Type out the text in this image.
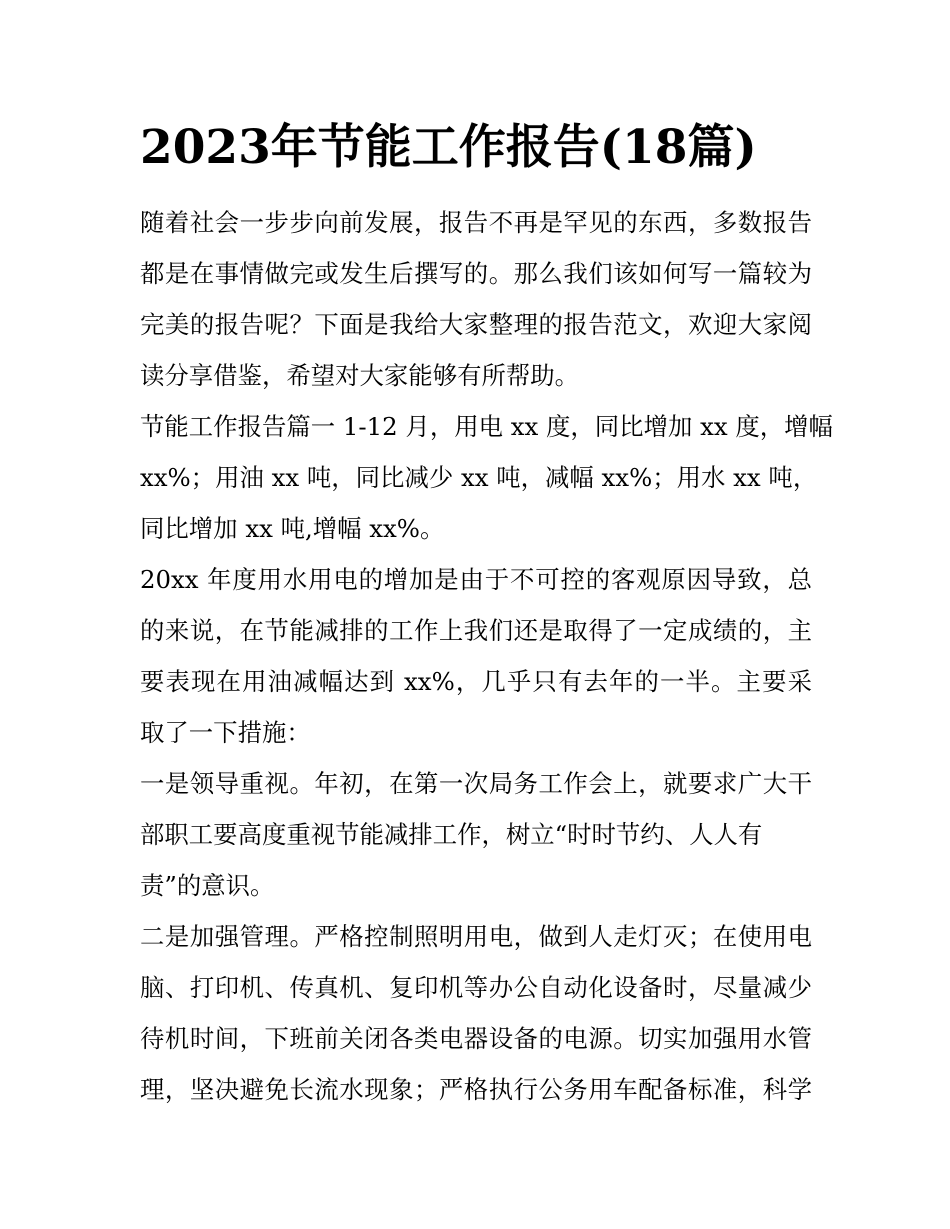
2023年节能工作报告(18篇)

随着社会一步步向前发展，报告不再是罕见的东西，多数报告
都是在事情做完或发生后撰写的。那么我们该如何写一篇较为
完美的报告呢？下面是我给大家整理的报告范文，欢迎大家阅
读分享借鉴，希望对大家能够有所帮助。

节能工作报告篇一 1-12 月，用电 xx 度，同比增加 xx 度，增幅
xx%；用油 xx 吨，同比减少 xx 吨，减幅 xx%；用水 xx 吨，
同比增加 xx 吨,增幅 xx%。

20xx 年度用水用电的增加是由于不可控的客观原因导致，总
的来说，在节能减排的工作上我们还是取得了一定成绩的，主
要表现在用油减幅达到 xx%，几乎只有去年的一半。主要采
取了一下措施：

一是领导重视。年初，在第一次局务工作会上，就要求广大干
部职工要高度重视节能减排工作，树立“时时节约、人人有
责”的意识。

二是加强管理。严格控制照明用电，做到人走灯灭；在使用电
脑、打印机、传真机、复印机等办公自动化设备时，尽量减少
待机时间，下班前关闭各类电器设备的电源。切实加强用水管
理，坚决避免长流水现象；严格执行公务用车配备标准，科学
